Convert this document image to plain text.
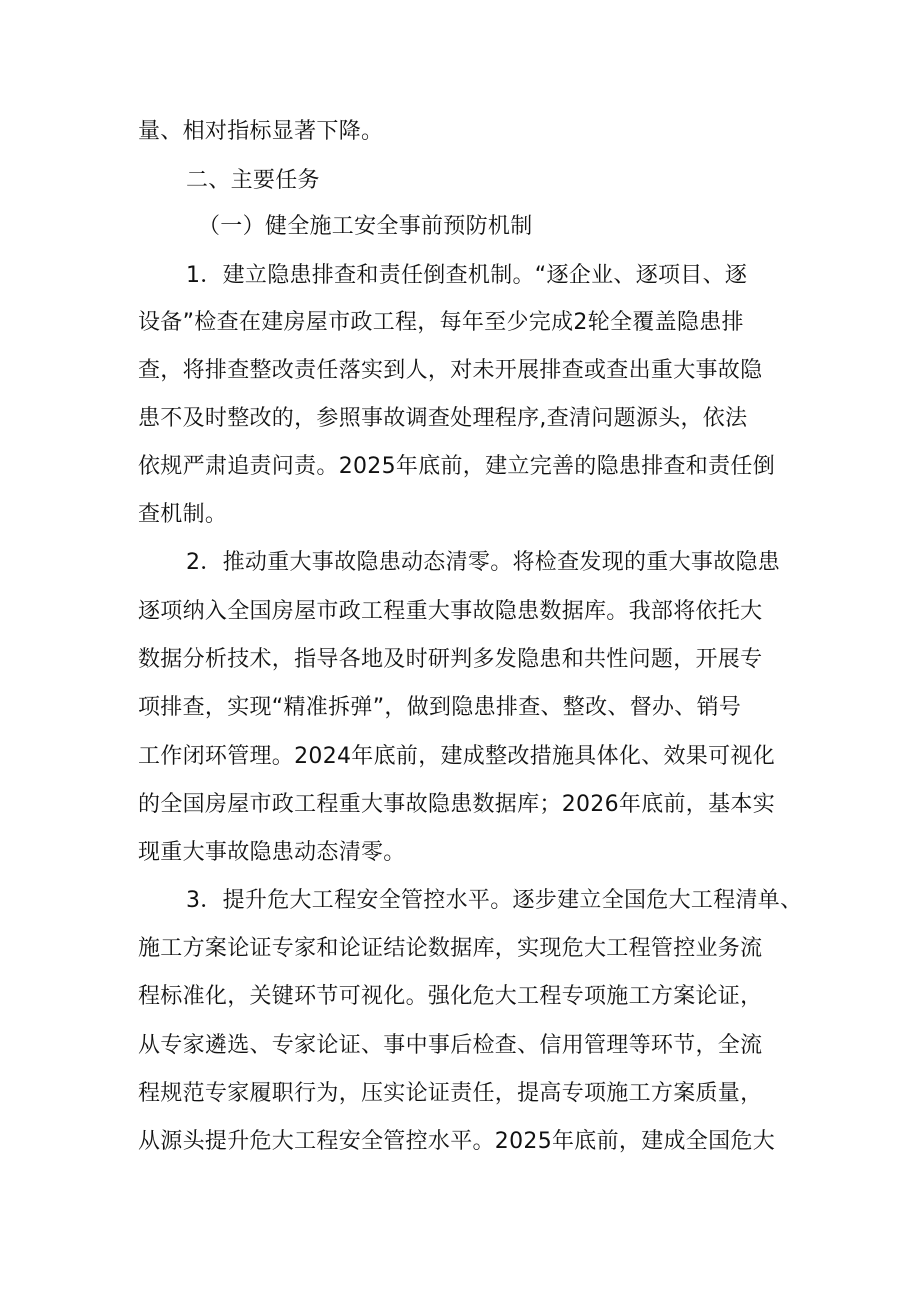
量、相对指标显著下降。
二、主要任务
（一）健全施工安全事前预防机制
1．建立隐患排查和责任倒查机制。“逐企业、逐项目、逐
设备”检查在建房屋市政工程，每年至少完成2轮全覆盖隐患排
查，将排查整改责任落实到人，对未开展排查或查出重大事故隐
患不及时整改的，参照事故调查处理程序,查清问题源头，依法
依规严肃追责问责。2025年底前，建立完善的隐患排查和责任倒
查机制。
2．推动重大事故隐患动态清零。将检查发现的重大事故隐患
逐项纳入全国房屋市政工程重大事故隐患数据库。我部将依托大
数据分析技术，指导各地及时研判多发隐患和共性问题，开展专
项排查，实现“精准拆弹”，做到隐患排查、整改、督办、销号
工作闭环管理。2024年底前，建成整改措施具体化、效果可视化
的全国房屋市政工程重大事故隐患数据库；2026年底前，基本实
现重大事故隐患动态清零。
3．提升危大工程安全管控水平。逐步建立全国危大工程清单、
施工方案论证专家和论证结论数据库，实现危大工程管控业务流
程标准化，关键环节可视化。强化危大工程专项施工方案论证，
从专家遴选、专家论证、事中事后检查、信用管理等环节，全流
程规范专家履职行为，压实论证责任，提高专项施工方案质量，
从源头提升危大工程安全管控水平。2025年底前，建成全国危大
